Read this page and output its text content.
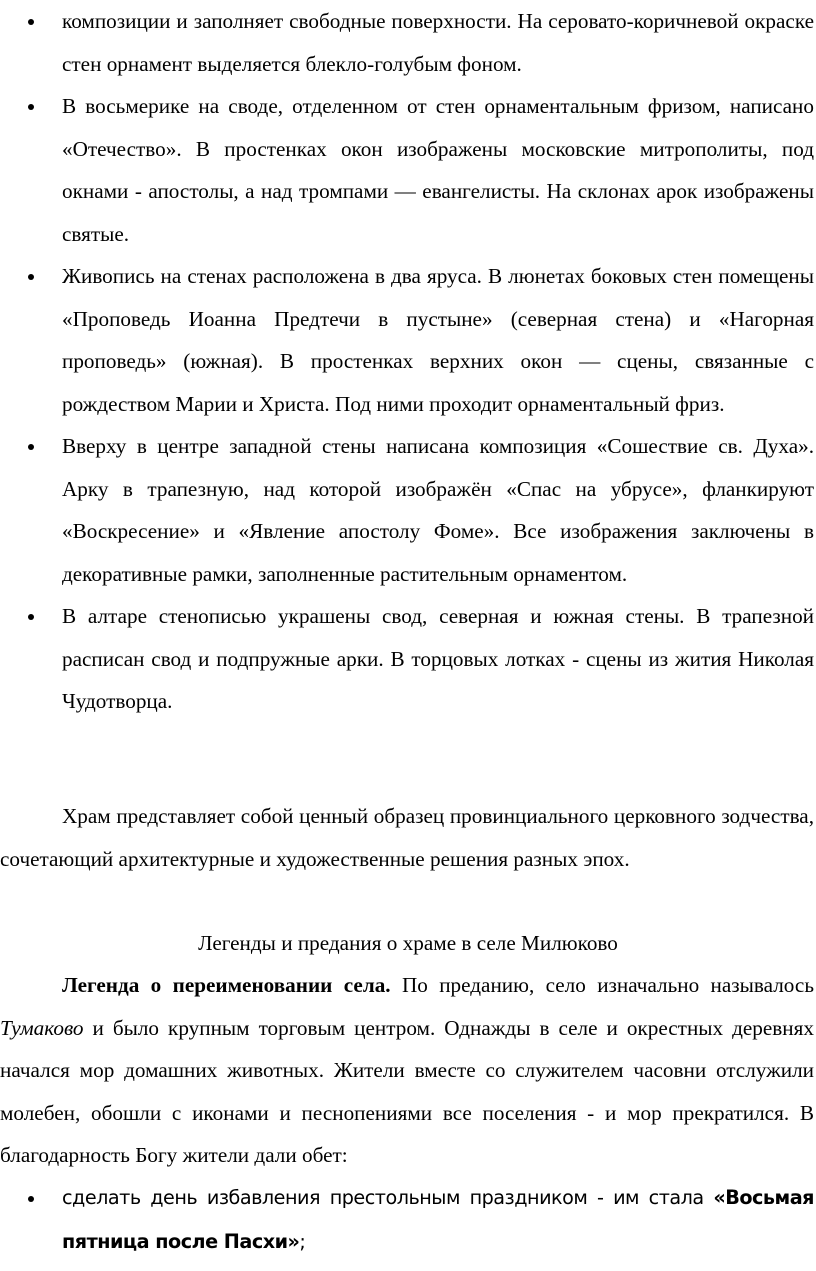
композиции и заполняет свободные поверхности. На серовато-коричневой окраске стен орнамент выделяется блекло-голубым фоном.
В восьмерике на своде, отделенном от стен орнаментальным фризом, написано «Отечество». В простенках окон изображены московские митрополиты, под окнами - апостолы, а над тромпами — евангелисты. На склонах арок изображены святые.
Живопись на стенах расположена в два яруса. В люнетах боковых стен помещены «Проповедь Иоанна Предтечи в пустыне» (северная стена) и «Нагорная проповедь» (южная). В простенках верхних окон — сцены, связанные с рождеством Марии и Христа. Под ними проходит орнаментальный фриз.
Вверху в центре западной стены написана композиция «Сошествие св. Духа». Арку в трапезную, над которой изображён «Спас на убрусе», фланкируют «Воскресение» и «Явление апостолу Фоме». Все изображения заключены в декоративные рамки, заполненные растительным орнаментом.
В алтаре стенописью украшены свод, северная и южная стены. В трапезной расписан свод и подпружные арки. В торцовых лотках - сцены из жития Николая Чудотворца.

Храм представляет собой ценный образец провинциального церковного зодчества, сочетающий архитектурные и художественные решения разных эпох.

Легенды и предания о храме в селе Милюково

Легенда о переименовании села. По преданию, село изначально называлось Тумаково и было крупным торговым центром. Однажды в селе и окрестных деревнях начался мор домашних животных. Жители вместе со служителем часовни отслужили молебен, обошли с иконами и песнопениями все поселения - и мор прекратился. В благодарность Богу жители дали обет:

сделать день избавления престольным праздником - им стала «Восьмая пятница после Пасхи»;
